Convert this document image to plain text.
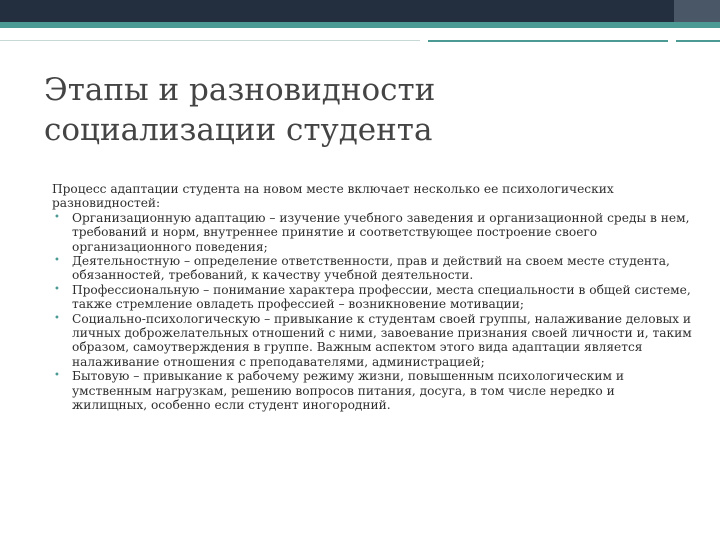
Этапы и разновидности
социализации студента

Процесс адаптации студента на новом месте включает несколько ее психологических разновидностей:

• Организационную адаптацию – изучение учебного заведения и организационной среды в нем, требований и норм, внутреннее принятие и соответствующее построение своего организационного поведения;
• Деятельностную – определение ответственности, прав и действий на своем месте студента, обязанностей, требований, к качеству учебной деятельности.
• Профессиональную – понимание характера профессии, места специальности в общей системе, также стремление овладеть профессией – возникновение мотивации;
• Социально-психологическую – привыкание к студентам своей группы, налаживание деловых и личных доброжелательных отношений с ними, завоевание признания своей личности и, таким образом, самоутверждения в группе. Важным аспектом этого вида адаптации является налаживание отношения с преподавателями, администрацией;
• Бытовую – привыкание к рабочему режиму жизни, повышенным психологическим и умственным нагрузкам, решению вопросов питания, досуга, в том числе нередко и жилищных, особенно если студент иногородний.
